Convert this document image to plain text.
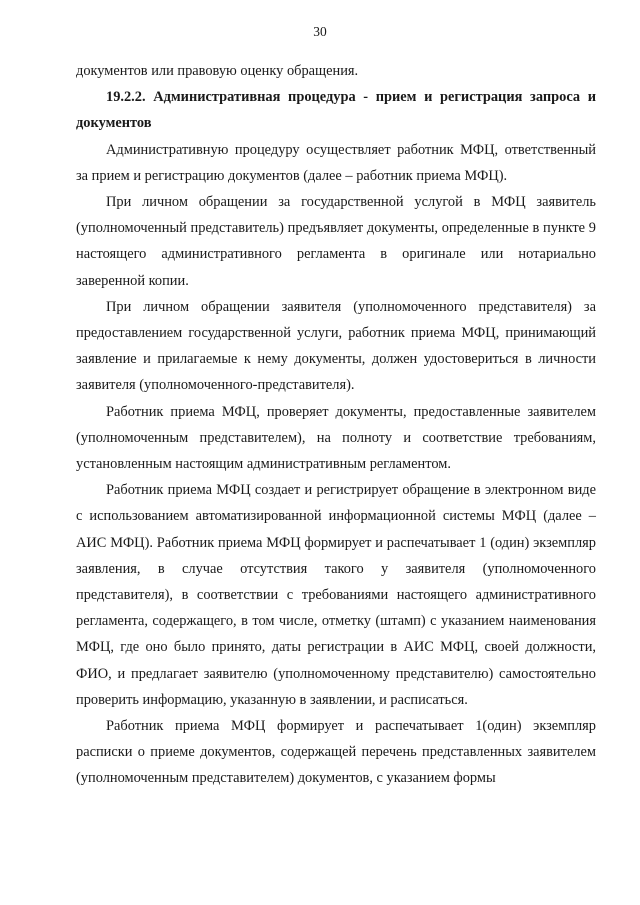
30

документов или правовую оценку обращения.

19.2.2. Административная процедура - прием и регистрация запроса и документов

Административную процедуру осуществляет работник МФЦ, ответственный за прием и регистрацию документов (далее – работник приема МФЦ).

При личном обращении за государственной услугой в МФЦ заявитель (уполномоченный представитель) предъявляет документы, определенные в пункте 9 настоящего административного регламента в оригинале или нотариально заверенной копии.

При личном обращении заявителя (уполномоченного представителя) за предоставлением государственной услуги, работник приема МФЦ, принимающий заявление и прилагаемые к нему документы, должен удостовериться в личности заявителя (уполномоченного-представителя).

Работник приема МФЦ, проверяет документы, предоставленные заявителем (уполномоченным представителем), на полноту и соответствие требованиям, установленным настоящим административным регламентом.

Работник приема МФЦ создает и регистрирует обращение в электронном виде с использованием автоматизированной информационной системы МФЦ (далее – АИС МФЦ). Работник приема МФЦ формирует и распечатывает 1 (один) экземпляр заявления, в случае отсутствия такого у заявителя (уполномоченного представителя), в соответствии с требованиями настоящего административного регламента, содержащего, в том числе, отметку (штамп) с указанием наименования МФЦ, где оно было принято, даты регистрации в АИС МФЦ, своей должности, ФИО, и предлагает заявителю (уполномоченному представителю) самостоятельно проверить информацию, указанную в заявлении, и расписаться.

Работник приема МФЦ формирует и распечатывает 1(один) экземпляр расписки о приеме документов, содержащей перечень представленных заявителем (уполномоченным представителем) документов, с указанием формы
